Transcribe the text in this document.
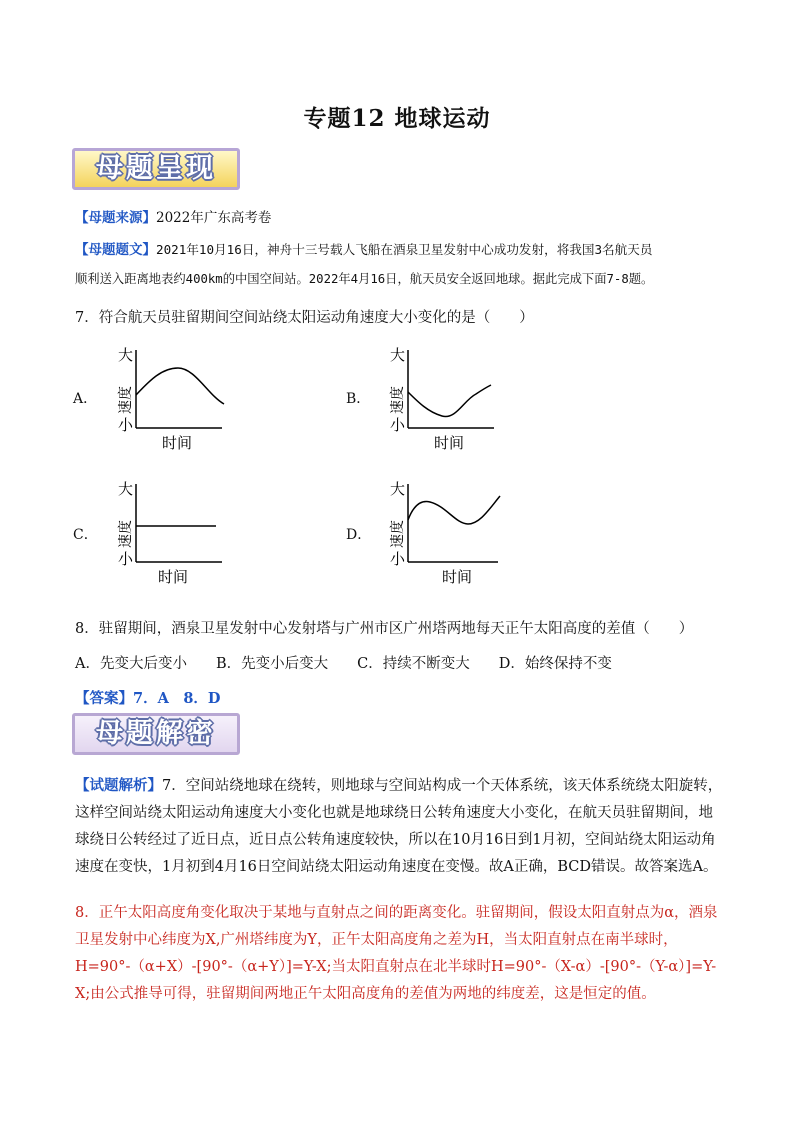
专题12 地球运动
母题呈现
【母题来源】2022年广东高考卷
【母题题文】2021年10月16日，神舟十三号载人飞船在酒泉卫星发射中心成功发射，将我国3名航天员
顺利送入距离地表约400km的中国空间站。2022年4月16日，航天员安全返回地球。据此完成下面7-8题。
7．符合航天员驻留期间空间站绕太阳运动角速度大小变化的是（　　）
A．	B．
C．	D．
大
小
速度
时间
大
小
速度
时间
大
小
速度
时间
大
小
速度
时间
8．驻留期间，酒泉卫星发射中心发射塔与广州市区广州塔两地每天正午太阳高度的差值（　　）
A．先变大后变小　　B．先变小后变大　　C．持续不断变大　　D．始终保持不变
【答案】7．A　8．D
母题解密
【试题解析】7．空间站绕地球在绕转，则地球与空间站构成一个天体系统，该天体系统绕太阳旋转，这样空间站绕太阳运动角速度大小变化也就是地球绕日公转角速度大小变化，在航天员驻留期间，地球绕日公转经过了近日点，近日点公转角速度较快，所以在10月16日到1月初，空间站绕太阳运动角速度在变快，1月初到4月16日空间站绕太阳运动角速度在变慢。故A正确，BCD错误。故答案选A。
8．正午太阳高度角变化取决于某地与直射点之间的距离变化。驻留期间，假设太阳直射点为α，酒泉卫星发射中心纬度为X,广州塔纬度为Y，正午太阳高度角之差为H，当太阳直射点在南半球时，H=90°-（α+X）-[90°-（α+Y）]=Y-X;当太阳直射点在北半球时H=90°-（X-α）-[90°-（Y-α）]=Y-X;由公式推导可得，驻留期间两地正午太阳高度角的差值为两地的纬度差，这是恒定的值。
